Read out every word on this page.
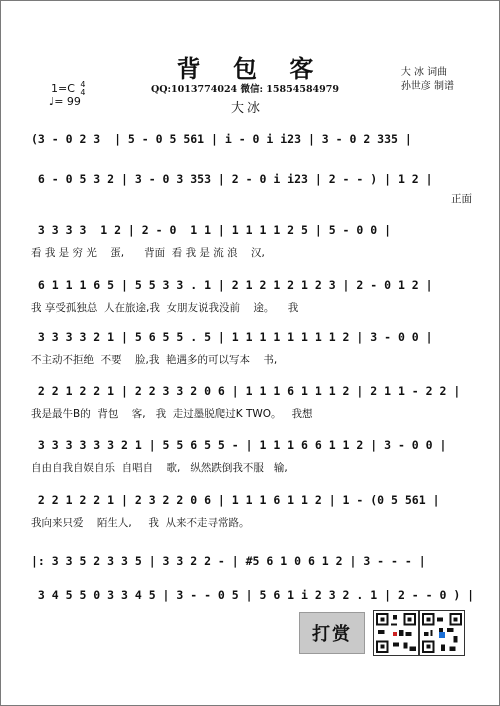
背 包 客	大 冰 词曲
孙世彦 制谱
QQ:1013774024 微信: 15854584979
大冰
1=C 4
4
♩= 99
正面
(3 - 0 2 3  | 5 - 0 5 561 | i - 0 i i23 | 3 - 0 2 335 |
6 - 0 5 3 2 | 3 - 0 3 353 | 2 - 0 i i23 | 2 - - ) | 1 2 |
3 3 3 3  1 2 | 2 - 0  1 1 | 1 1 1 1 2 5 | 5 - 0 0 |
看 我 是 穷 光    蛋,      背面  看 我 是 流 浪    汉,
6 1 1 1 6 5 | 5 5 3 3 . 1 | 2 1 2 1 2 1 2 3 | 2 - 0 1 2 |
我 享受孤独总  人在旅途,我  女朋友说我没前    途。    我
3 3 3 3 2 1 | 5 6 5 5 . 5 | 1 1 1 1 1 1 1 1 2 | 3 - 0 0 |
不主动不拒绝  不要    脸,我  艳遇多的可以写本    书,
2 2 1 2 2 1 | 2 2 3 3 2 0 6 | 1 1 1 6 1 1 1 2 | 2 1 1 - 2 2 |
我是最牛B的  背包    客,   我  走过墨脱爬过K TWO。   我想
3 3 3 3 3 3 2 1 | 5 5 6 5 5 - | 1 1 1 6 6 1 1 2 | 3 - 0 0 |
自由自我自娱自乐  自唱自    歌,   纵然跌倒我不服   输,
2 2 1 2 2 1 | 2 3 2 2 0 6 | 1 1 1 6 1 1 2 | 1 - (0 5 561 |
我向来只爱    陌生人,     我  从来不走寻常路。
|: 3 3 5 2 3 3 5 | 3 3 2 2 - | #5 6 1 0 6 1 2 | 3 - - - |
3 4 5 5 0 3 3 4 5 | 3 - - 0 5 | 5 6 1 i 2 3 2 . 1 | 2 - - 0 ) |
打赏
